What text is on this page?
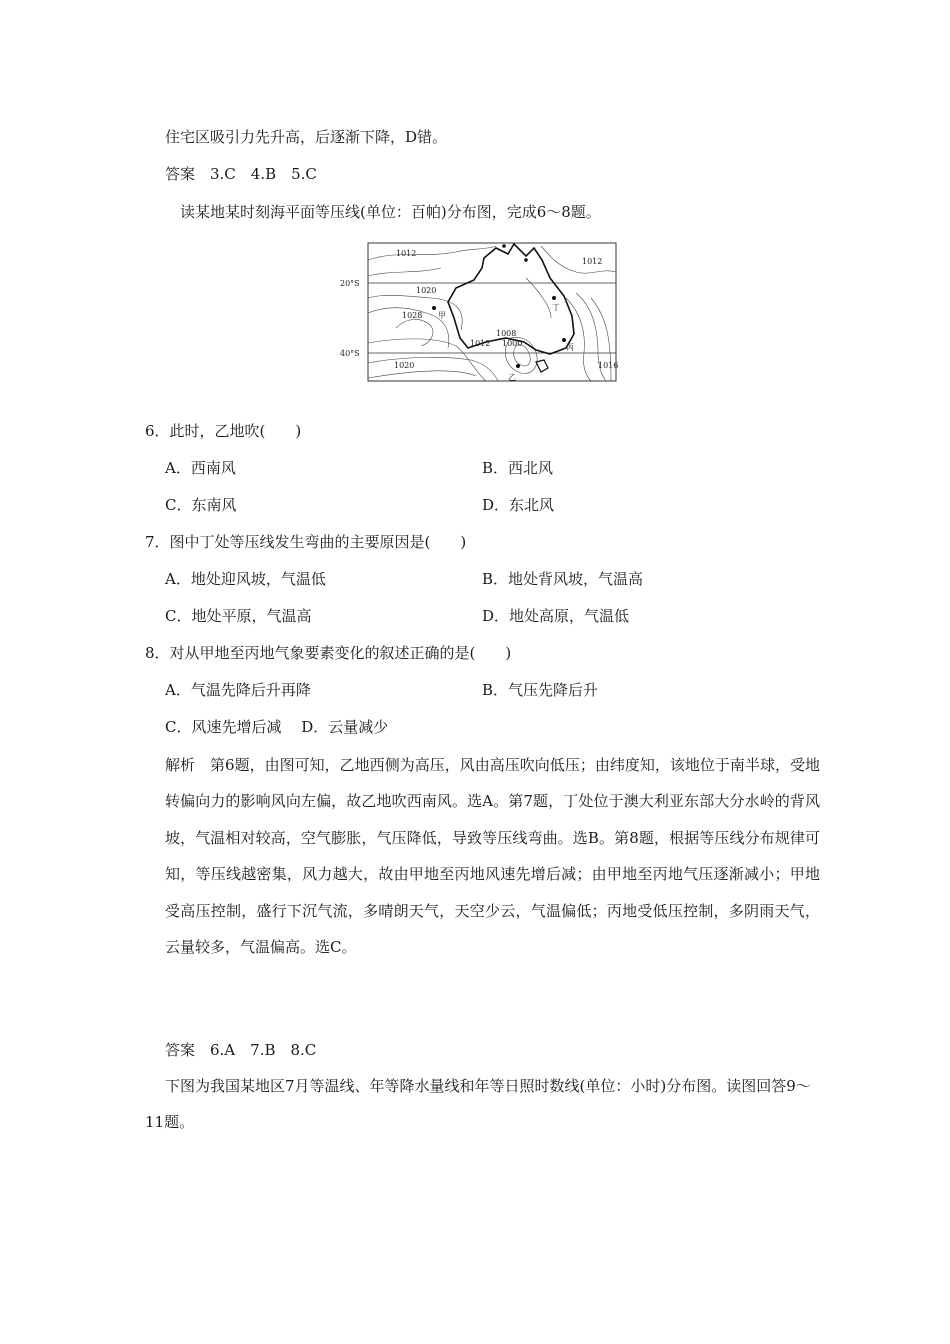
住宅区吸引力先升高，后逐渐下降，D错。
答案　3.C　4.B　5.C
读某地某时刻海平面等压线(单位：百帕)分布图，完成6～8题。
20°S
40°S
1012
1012
1020
1028
1020
1012
1008
1000
1016
甲
丁
丙
乙
6．此时，乙地吹(　　)
A．西南风	B．西北风
C．东南风	D．东北风
7．图中丁处等压线发生弯曲的主要原因是(　　)
A．地处迎风坡，气温低	B．地处背风坡，气温高
C．地处平原，气温高	D．地处高原，气温低
8．对从甲地至丙地气象要素变化的叙述正确的是(　　)
A．气温先降后升再降	B．气压先降后升
C．风速先增后减　 D．云量减少
解析　第6题，由图可知，乙地西侧为高压，风由高压吹向低压；由纬度知，该地位于南半球，受地转偏向力的影响风向左偏，故乙地吹西南风。选A。第7题，丁处位于澳大利亚东部大分水岭的背风坡，气温相对较高，空气膨胀，气压降低，导致等压线弯曲。选B。第8题，根据等压线分布规律可知，等压线越密集，风力越大，故由甲地至丙地风速先增后减；由甲地至丙地气压逐渐减小；甲地受高压控制，盛行下沉气流，多晴朗天气，天空少云，气温偏低；丙地受低压控制，多阴雨天气，云量较多，气温偏高。选C。
答案　6.A　7.B　8.C
下图为我国某地区7月等温线、年等降水量线和年等日照时数线(单位：小时)分布图。读图回答9～11题。
